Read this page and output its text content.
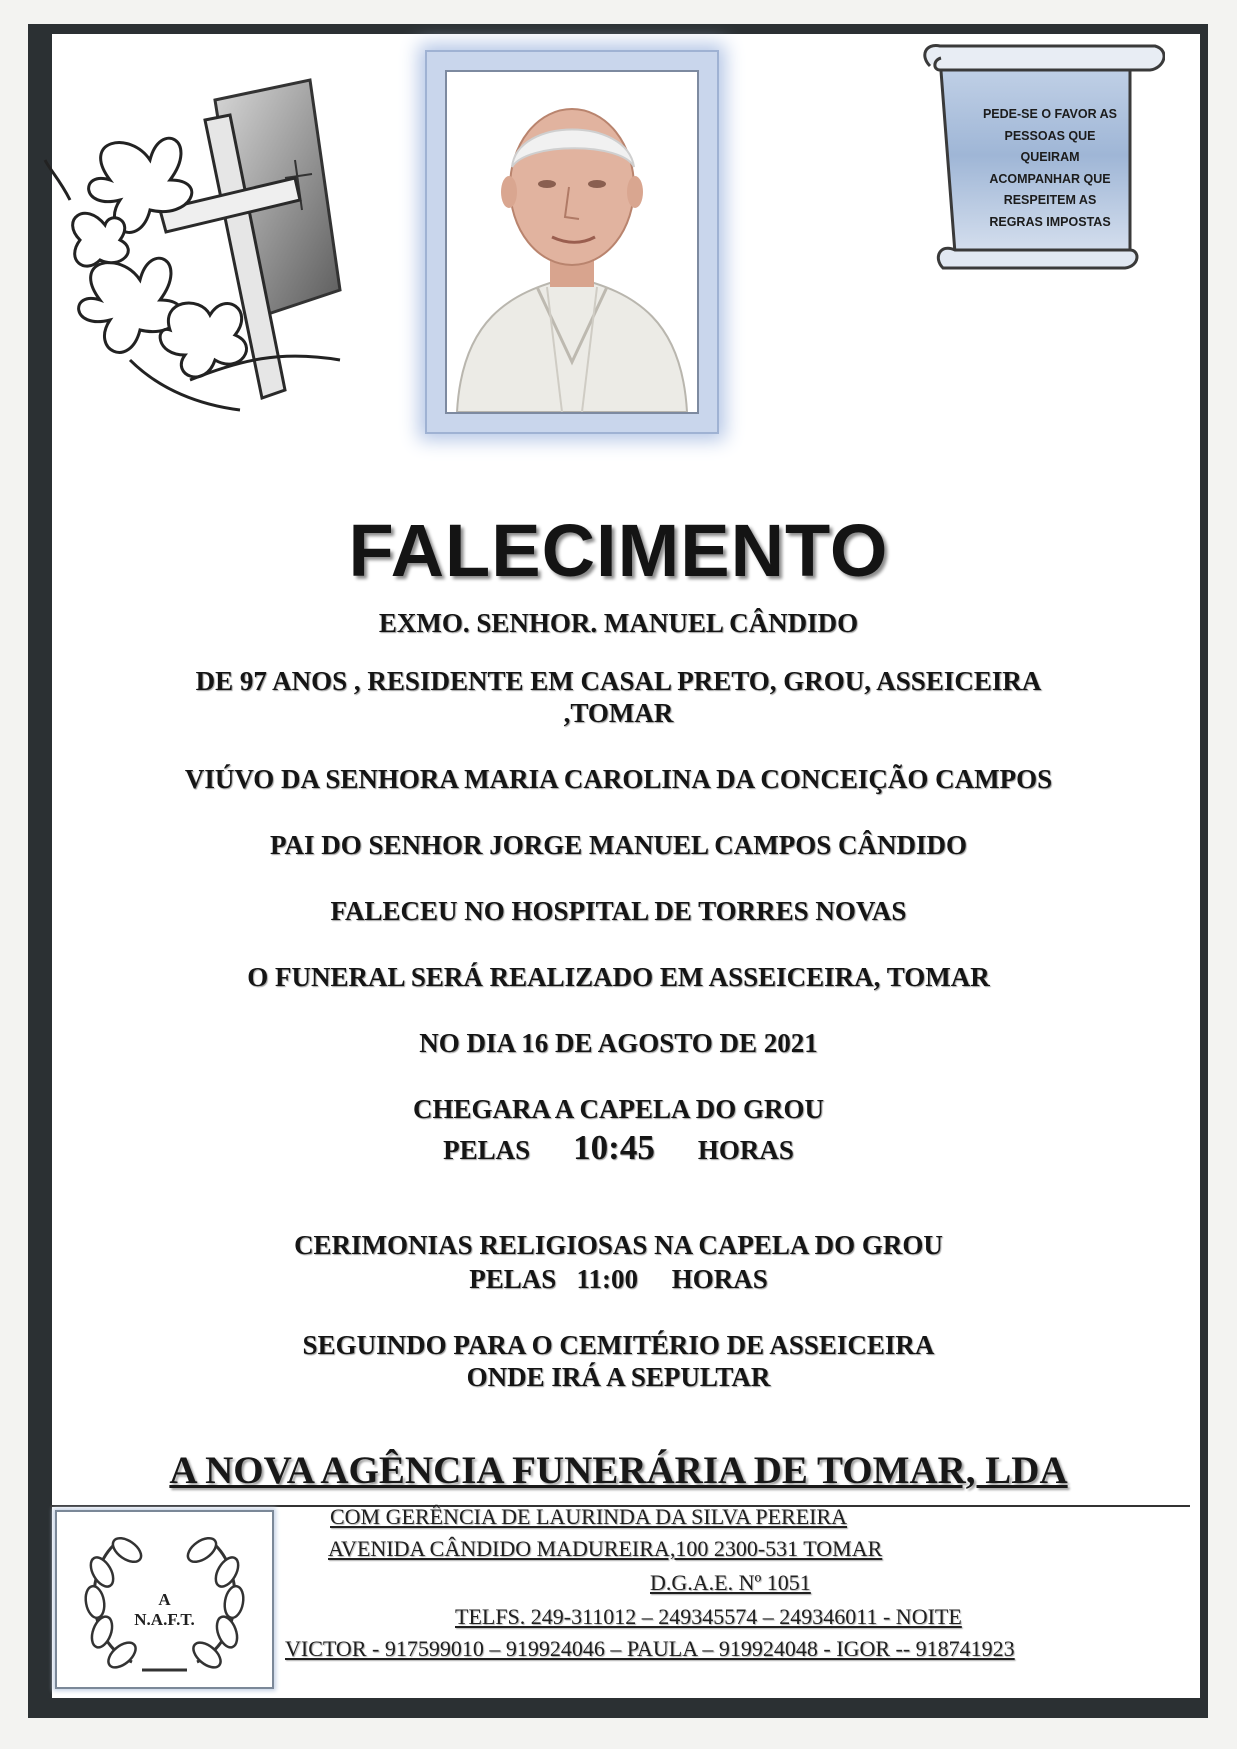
PEDE-SE O FAVOR AS
PESSOAS QUE
QUEIRAM
ACOMPANHAR QUE
RESPEITEM AS
REGRAS IMPOSTAS
FALECIMENTO
EXMO. SENHOR. MANUEL CÂNDIDO
DE 97 ANOS , RESIDENTE EM CASAL PRETO, GROU, ASSEICEIRA
,TOMAR
VIÚVO DA SENHORA MARIA CAROLINA DA CONCEIÇÃO CAMPOS
PAI DO SENHOR JORGE MANUEL CAMPOS CÂNDIDO
FALECEU NO HOSPITAL DE TORRES NOVAS
O FUNERAL SERÁ REALIZADO EM ASSEICEIRA, TOMAR
NO DIA 16 DE AGOSTO DE 2021
CHEGARA A CAPELA DO GROU
PELAS 10:45 HORAS
CERIMONIAS RELIGIOSAS NA CAPELA DO GROU
PELAS   11:00     HORAS
SEGUINDO PARA O CEMITÉRIO DE ASSEICEIRA
ONDE IRÁ A SEPULTAR
A NOVA AGÊNCIA FUNERÁRIA DE TOMAR, LDA
A
N.A.F.T.
COM GERÊNCIA DE LAURINDA DA SILVA PEREIRA
AVENIDA CÂNDIDO MADUREIRA,100 2300-531 TOMAR
D.G.A.E. Nº 1051
TELFS. 249-311012 – 249345574 – 249346011 - NOITE
VICTOR - 917599010 – 919924046 – PAULA – 919924048 - IGOR -- 918741923
